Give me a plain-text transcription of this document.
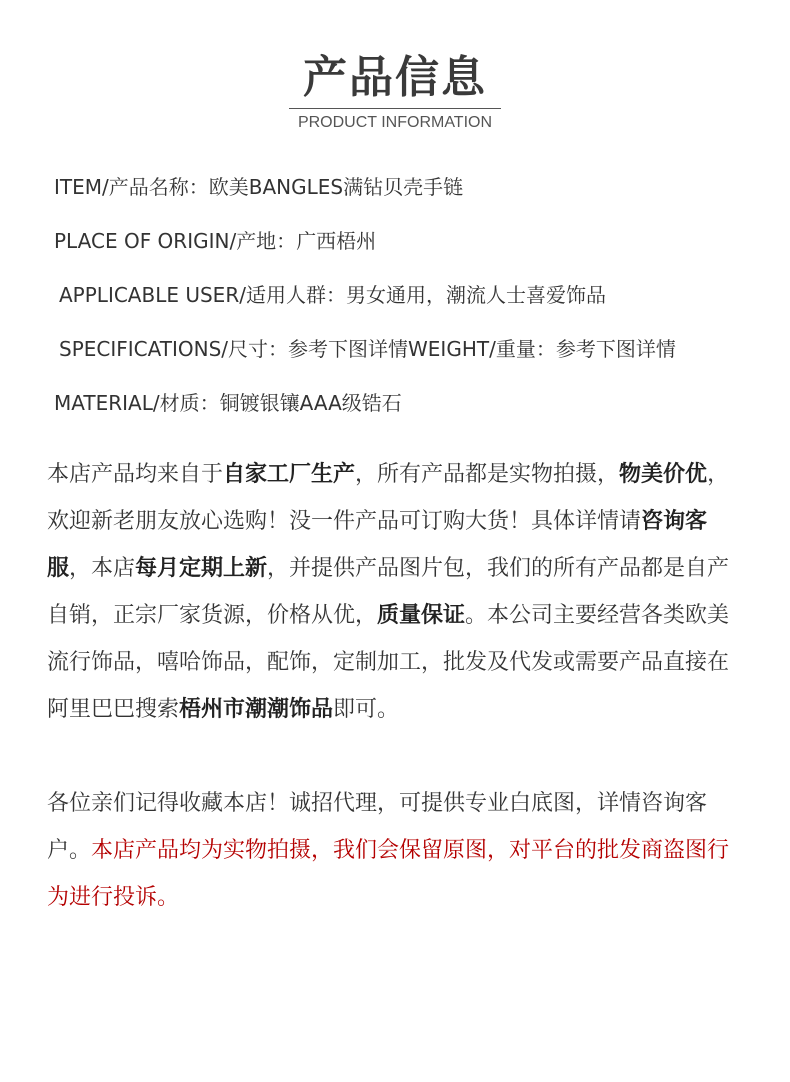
产品信息
PRODUCT INFORMATION
ITEM/产品名称：欧美BANGLES满钻贝壳手链
PLACE OF ORIGIN/产地：广西梧州
APPLICABLE USER/适用人群：男女通用，潮流人士喜爱饰品
SPECIFICATIONS/尺寸：参考下图详情WEIGHT/重量：参考下图详情
MATERIAL/材质：铜镀银镶AAA级锆石
本店产品均来自于自家工厂生产，所有产品都是实物拍摄，物美价优，欢迎新老朋友放心选购！没一件产品可订购大货！具体详情请咨询客服，本店每月定期上新，并提供产品图片包，我们的所有产品都是自产自销，正宗厂家货源，价格从优，质量保证。本公司主要经营各类欧美流行饰品，嘻哈饰品，配饰，定制加工，批发及代发或需要产品直接在阿里巴巴搜索梧州市潮潮饰品即可。
各位亲们记得收藏本店！诚招代理，可提供专业白底图，详情咨询客户。本店产品均为实物拍摄，我们会保留原图，对平台的批发商盗图行为进行投诉。
